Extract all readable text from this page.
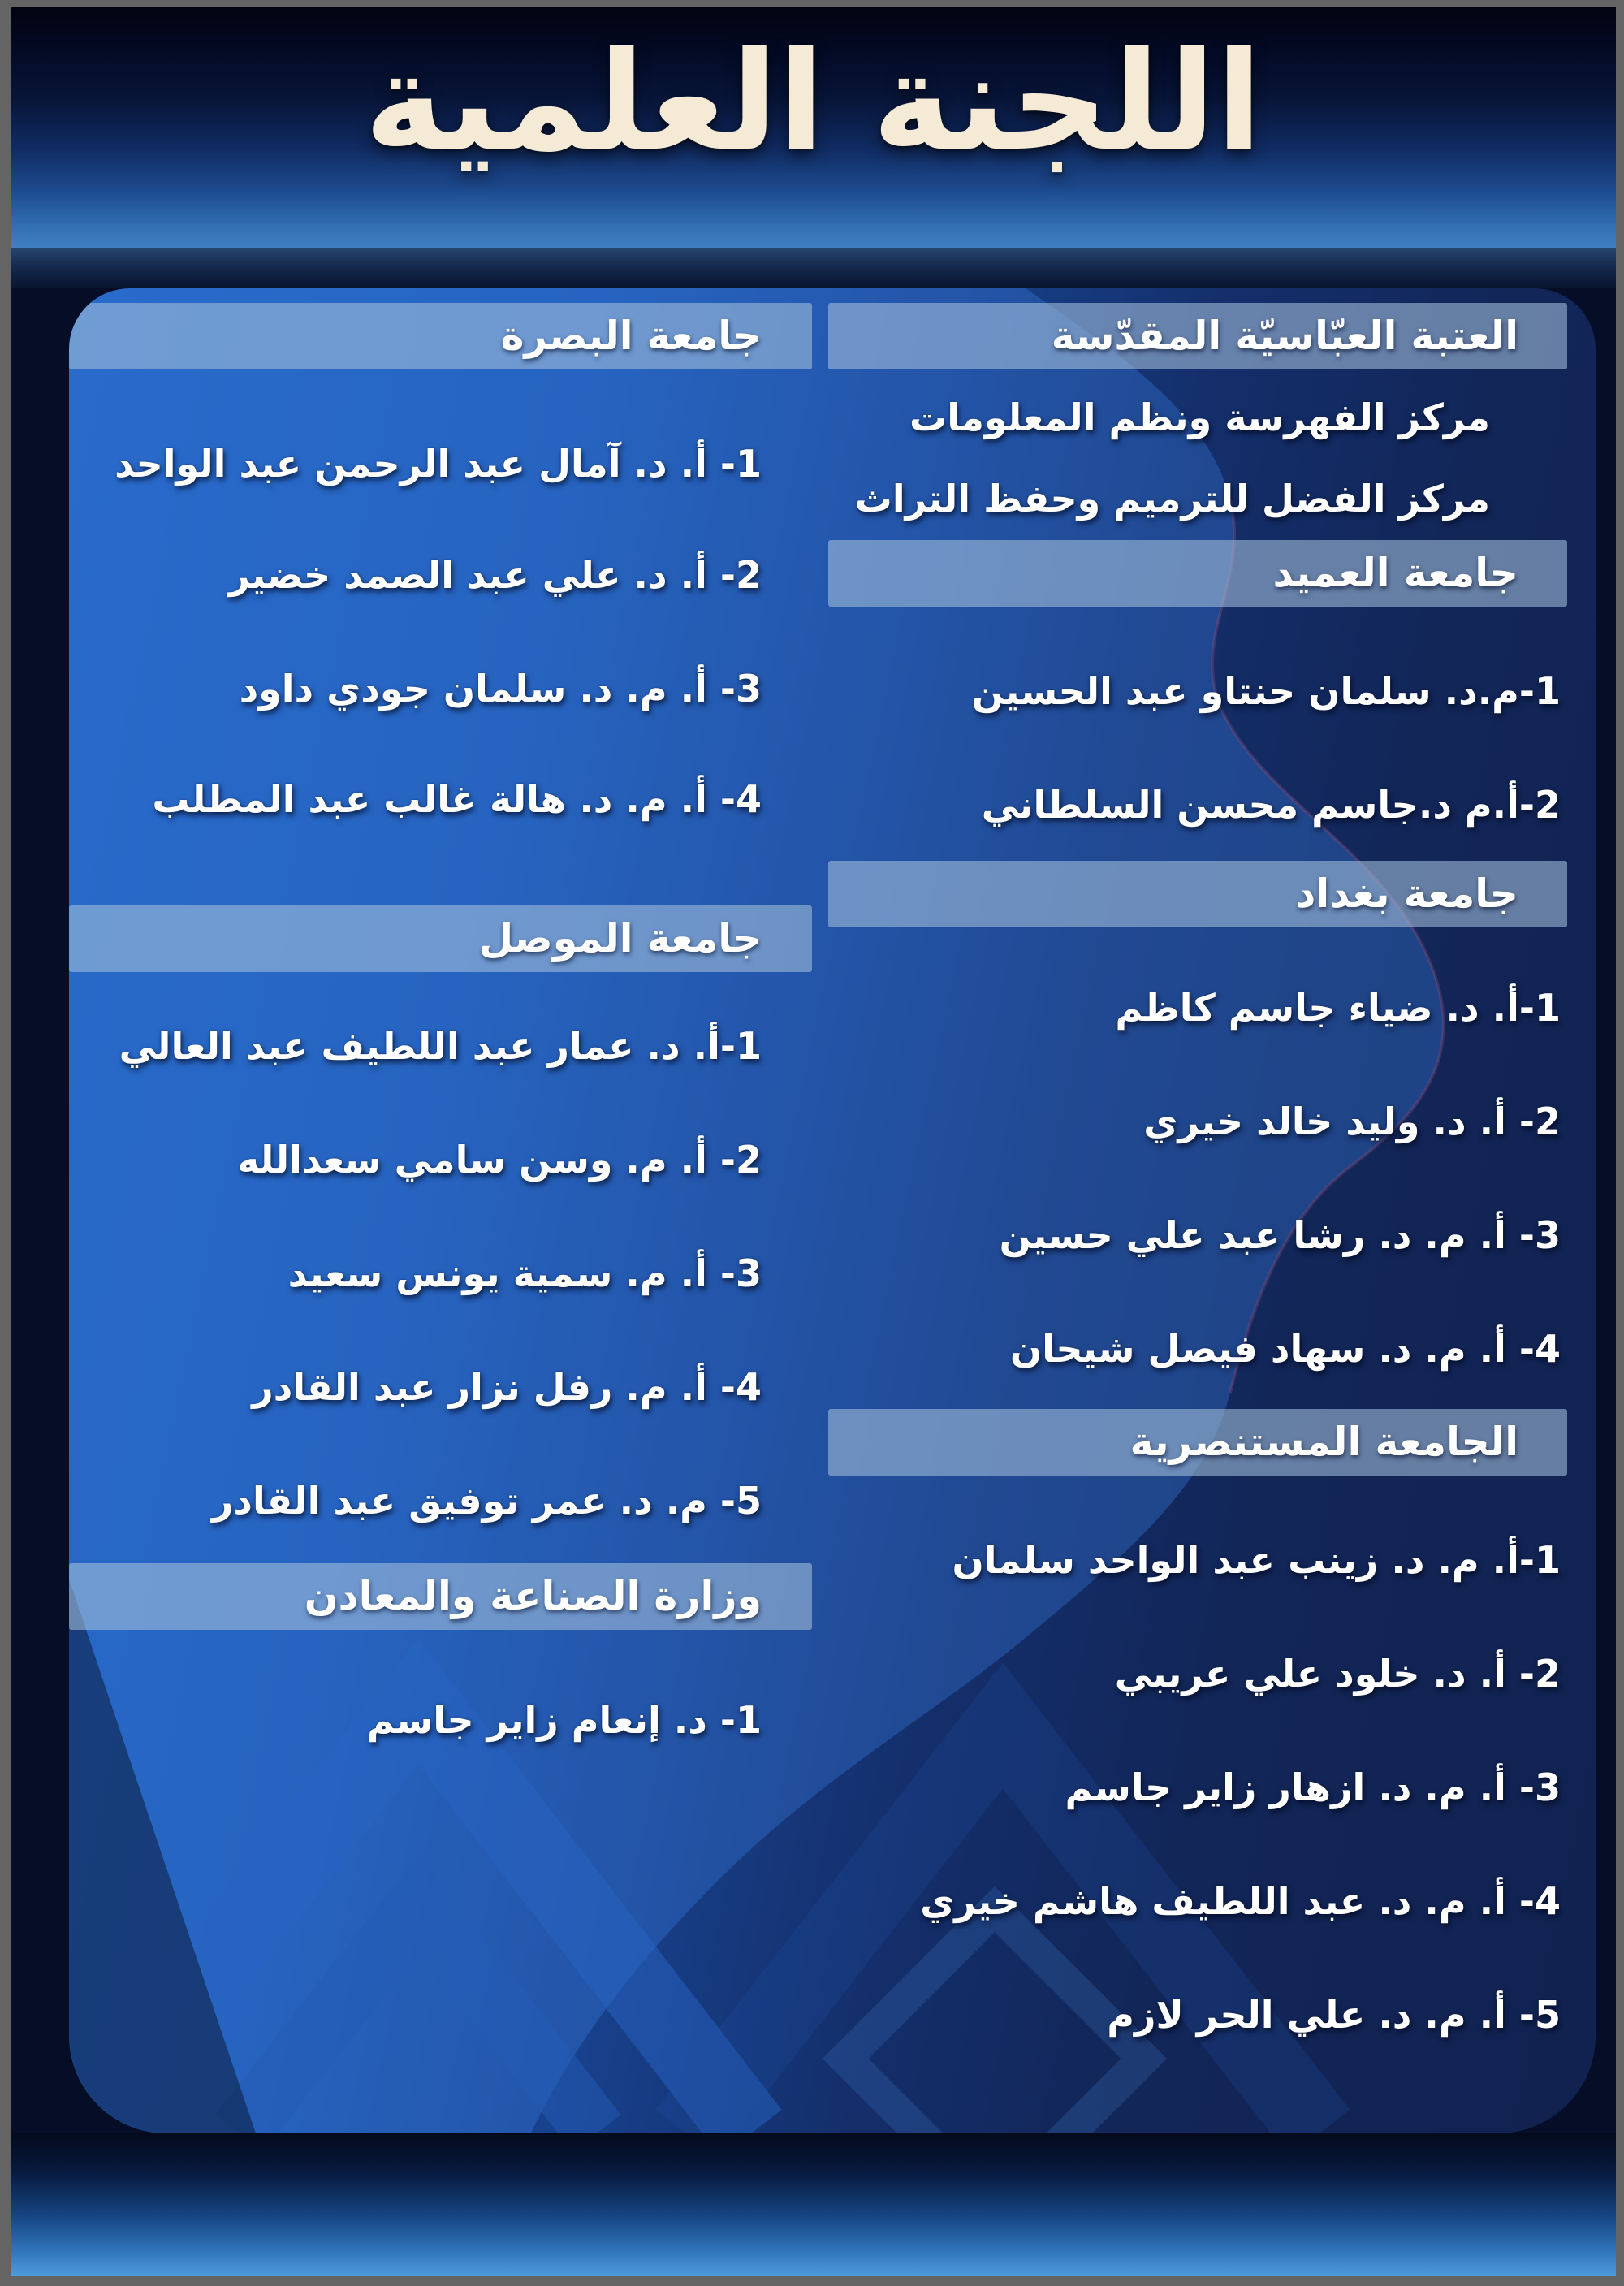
اللجنة العلمية
العتبة العبّاسيّة المقدّسة
مركز الفهرسة ونظم المعلومات
مركز الفضل للترميم وحفظ التراث
جامعة العميد
1-م.د. سلمان حنتاو عبد الحسين
2-أ.م د.جاسم محسن السلطاني
جامعة بغداد
1-أ. د. ضياء جاسم كاظم
2- أ. د. وليد خالد خيري
3- أ. م. د. رشا عبد علي حسين
4- أ. م. د. سهاد فيصل شيحان
الجامعة المستنصرية
1-أ. م. د. زينب عبد الواحد سلمان
2- أ. د. خلود علي عريبي
3- أ. م. د. ازهار زاير جاسم
4- أ. م. د. عبد اللطيف هاشم خيري
5- أ. م. د. علي الحر لازم
جامعة البصرة
1- أ. د. آمال عبد الرحمن عبد الواحد
2- أ. د. علي عبد الصمد خضير
3- أ. م. د. سلمان جودي داود
4- أ. م. د. هالة غالب عبد المطلب
جامعة الموصل
1-أ. د. عمار عبد اللطيف عبد العالي
2- أ. م. وسن سامي سعدالله
3- أ. م. سمية يونس سعيد
4- أ. م. رفل نزار عبد القادر
5- م. د. عمر توفيق عبد القادر
وزارة الصناعة والمعادن
1- د. إنعام زاير جاسم
